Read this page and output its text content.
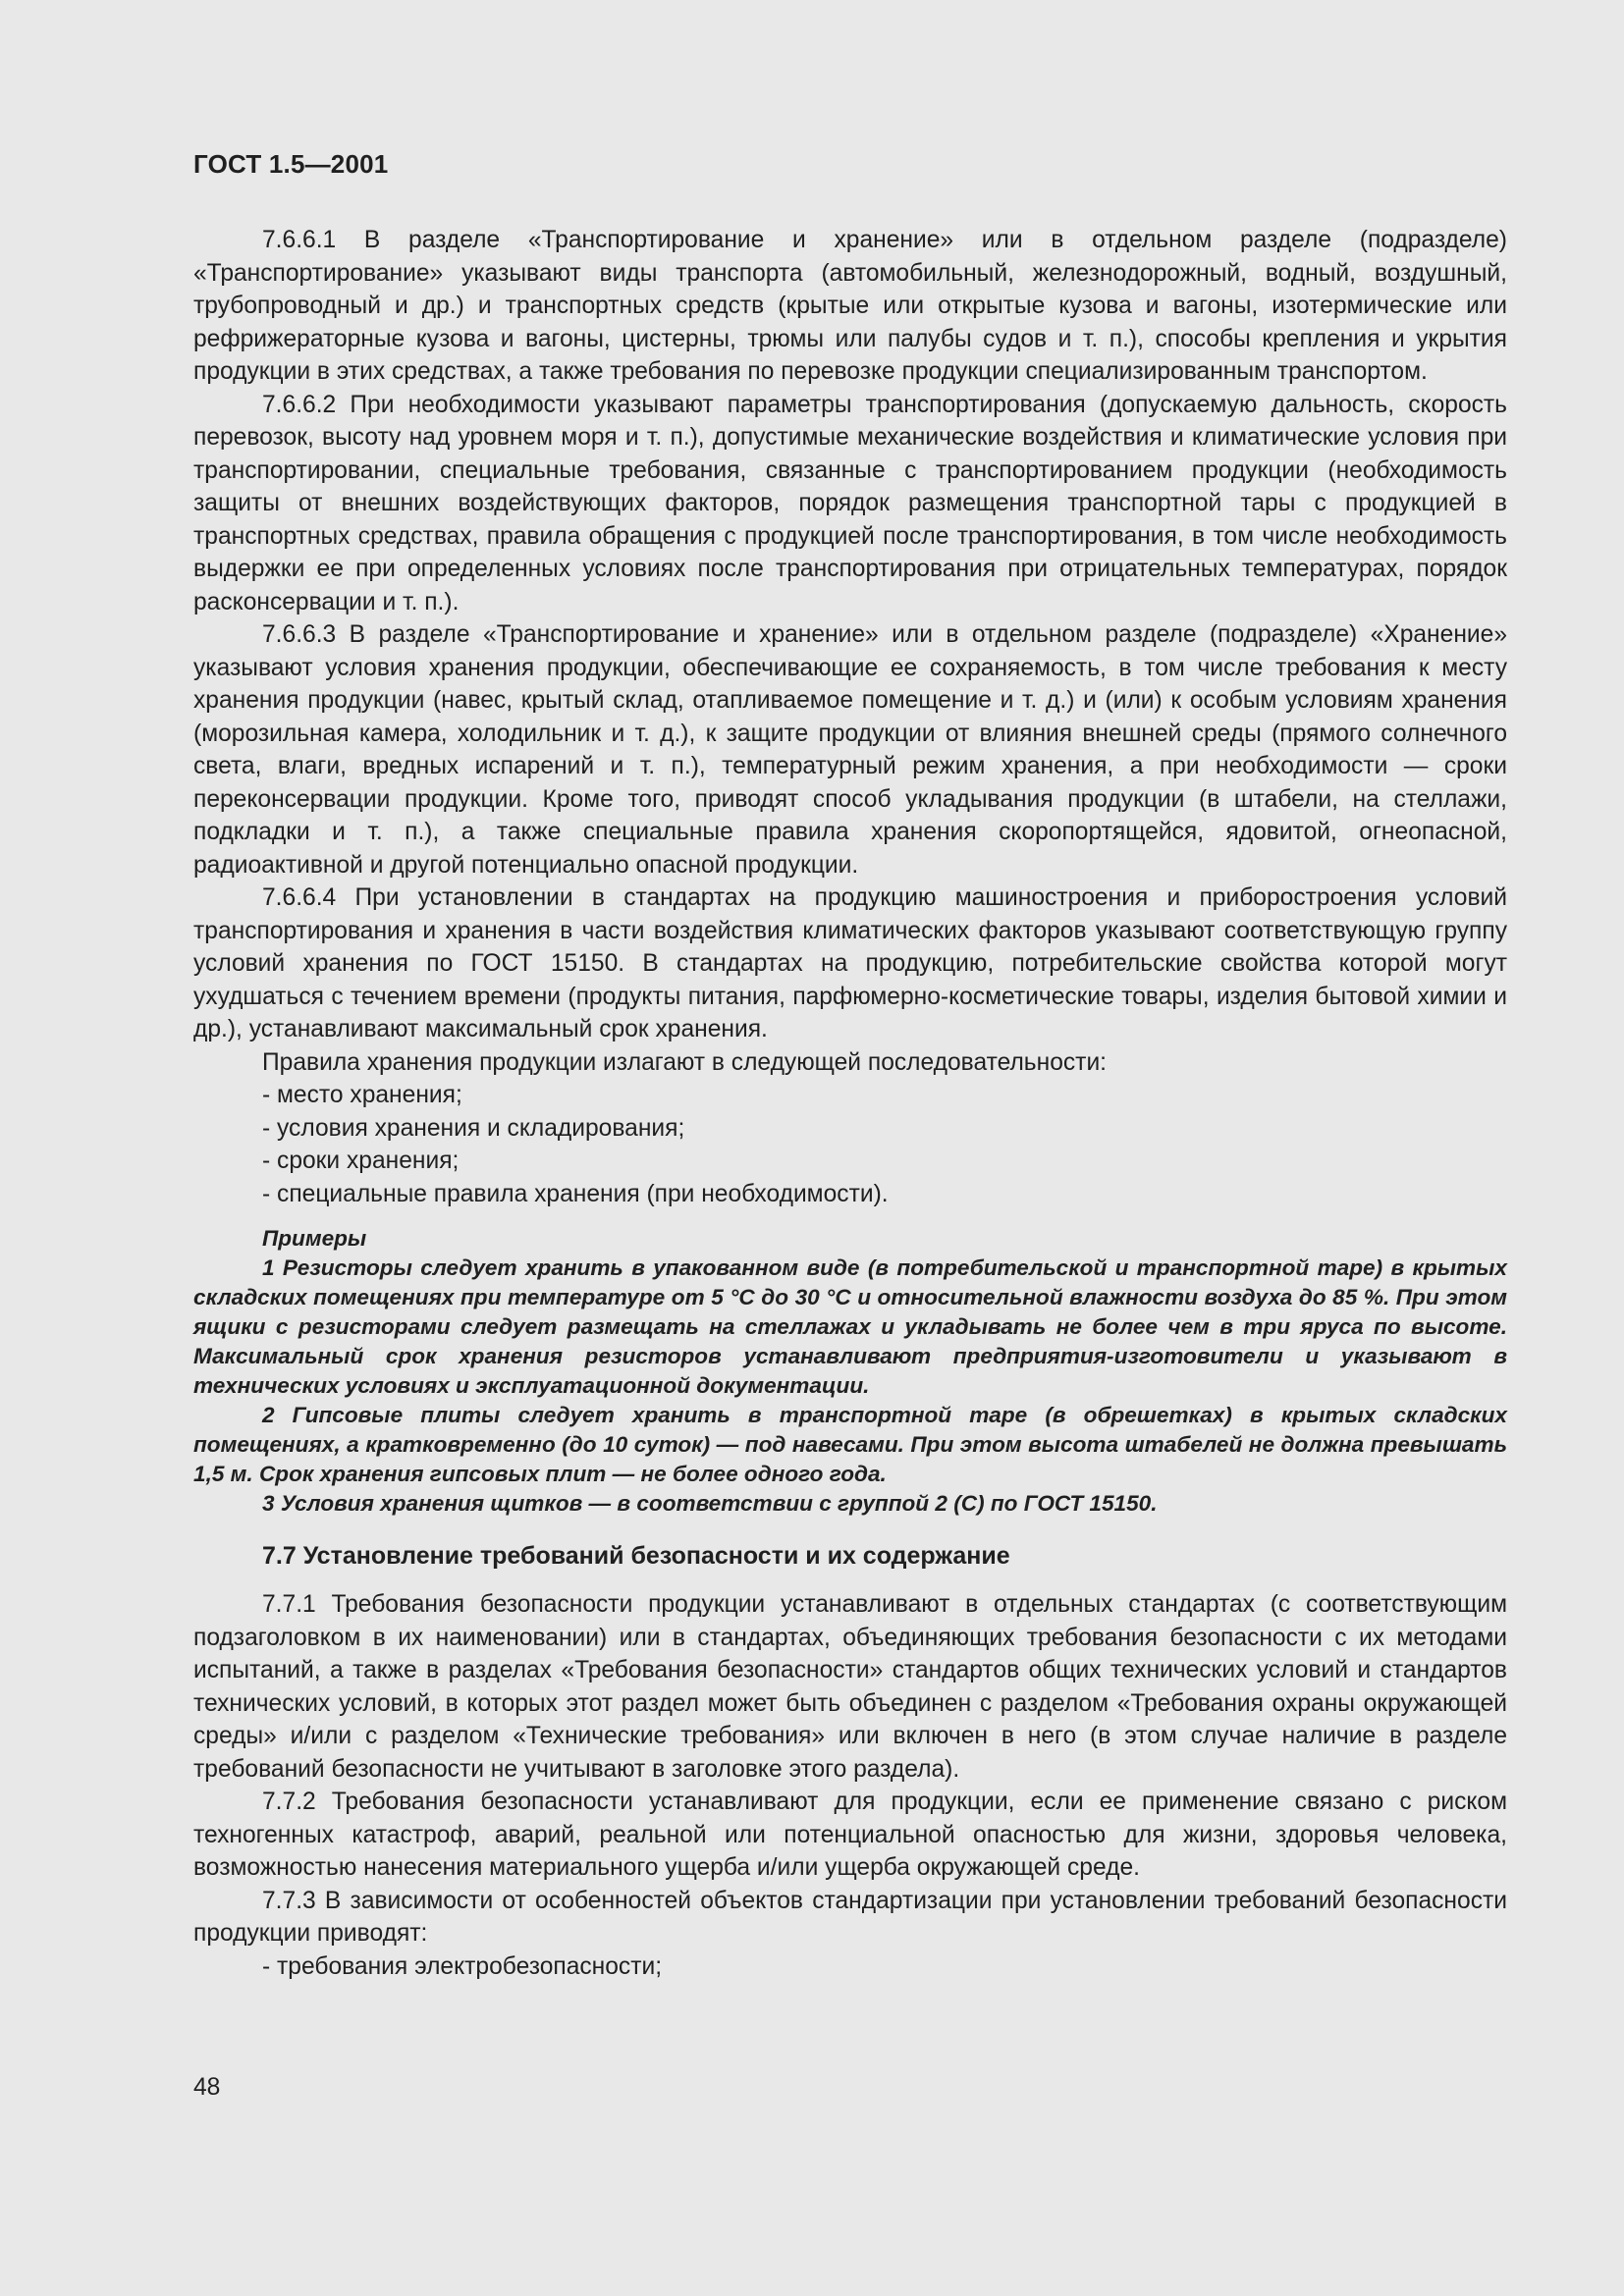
ГОСТ 1.5—2001

7.6.6.1 В разделе «Транспортирование и хранение» или в отдельном разделе (подразделе) «Транспортирование» указывают виды транспорта (автомобильный, железнодорожный, водный, воздушный, трубопроводный и др.) и транспортных средств (крытые или открытые кузова и вагоны, изотермические или рефрижераторные кузова и вагоны, цистерны, трюмы или палубы судов и т. п.), способы крепления и укрытия продукции в этих средствах, а также требования по перевозке продукции специализированным транспортом.

7.6.6.2 При необходимости указывают параметры транспортирования (допускаемую дальность, скорость перевозок, высоту над уровнем моря и т. п.), допустимые механические воздействия и климатические условия при транспортировании, специальные требования, связанные с транспортированием продукции (необходимость защиты от внешних воздействующих факторов, порядок размещения транспортной тары с продукцией в транспортных средствах, правила обращения с продукцией после транспортирования, в том числе необходимость выдержки ее при определенных условиях после транспортирования при отрицательных температурах, порядок расконсервации и т. п.).

7.6.6.3 В разделе «Транспортирование и хранение» или в отдельном разделе (подразделе) «Хранение» указывают условия хранения продукции, обеспечивающие ее сохраняемость, в том числе требования к месту хранения продукции (навес, крытый склад, отапливаемое помещение и т. д.) и (или) к особым условиям хранения (морозильная камера, холодильник и т. д.), к защите продукции от влияния внешней среды (прямого солнечного света, влаги, вредных испарений и т. п.), температурный режим хранения, а при необходимости — сроки переконсервации продукции. Кроме того, приводят способ укладывания продукции (в штабели, на стеллажи, подкладки и т. п.), а также специальные правила хранения скоропортящейся, ядовитой, огнеопасной, радиоактивной и другой потенциально опасной продукции.

7.6.6.4 При установлении в стандартах на продукцию машиностроения и приборостроения условий транспортирования и хранения в части воздействия климатических факторов указывают соответствующую группу условий хранения по ГОСТ 15150. В стандартах на продукцию, потребительские свойства которой могут ухудшаться с течением времени (продукты питания, парфюмерно-косметические товары, изделия бытовой химии и др.), устанавливают максимальный срок хранения.

Правила хранения продукции излагают в следующей последовательности:

- место хранения;

- условия хранения и складирования;

- сроки хранения;

- специальные правила хранения (при необходимости).

Примеры

1 Резисторы следует хранить в упакованном виде (в потребительской и транспортной таре) в крытых складских помещениях при температуре от 5 °С до 30 °С и относительной влажности воздуха до 85 %. При этом ящики с резисторами следует размещать на стеллажах и укладывать не более чем в три яруса по высоте. Максимальный срок хранения резисторов устанавливают предприятия-изготовители и указывают в технических условиях и эксплуатационной документации.

2 Гипсовые плиты следует хранить в транспортной таре (в обрешетках) в крытых складских помещениях, а кратковременно (до 10 суток) — под навесами. При этом высота штабелей не должна превышать 1,5 м. Срок хранения гипсовых плит — не более одного года.

3 Условия хранения щитков — в соответствии с группой 2 (С) по ГОСТ 15150.

7.7 Установление требований безопасности и их содержание

7.7.1 Требования безопасности продукции устанавливают в отдельных стандартах (с соответствующим подзаголовком в их наименовании) или в стандартах, объединяющих требования безопасности с их методами испытаний, а также в разделах «Требования безопасности» стандартов общих технических условий и стандартов технических условий, в которых этот раздел может быть объединен с разделом «Требования охраны окружающей среды» и/или с разделом «Технические требования» или включен в него (в этом случае наличие в разделе требований безопасности не учитывают в заголовке этого раздела).

7.7.2 Требования безопасности устанавливают для продукции, если ее применение связано с риском техногенных катастроф, аварий, реальной или потенциальной опасностью для жизни, здоровья человека, возможностью нанесения материального ущерба и/или ущерба окружающей среде.

7.7.3 В зависимости от особенностей объектов стандартизации при установлении требований безопасности продукции приводят:

- требования электробезопасности;

48
